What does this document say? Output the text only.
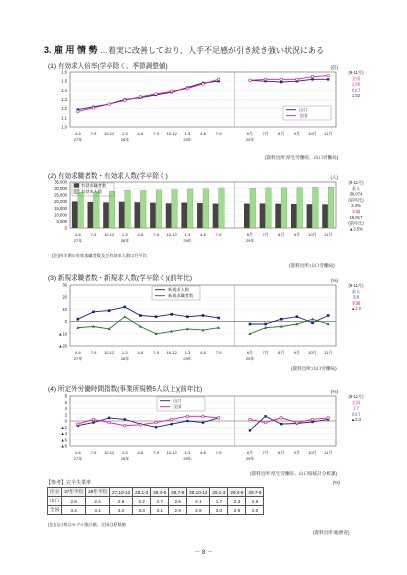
3. 雇 用 情 勢 …着実に改善しており、人手不足感が引き続き強い状況にある
(1) 有効求人倍率(学卒除く、季節調整値)	(倍)
1.6
1.5
1.4
1.3
1.2
1.1
1.0
4-6 7-9 10-12 1-3 4-6 7-9 10-12 1-3 4-6 7-9	6月 7月 8月 9月 10月 11月
27年	28年	29年	29年
山口
全国
(9-11月)
全国
1.56
山口
1.52
(人)
35,000
30,000
25,000
20,000
15,000
10,000
5,000
0
4-6 7-9 10-12 1-3 4-6 7-9 10-12 1-3 4-6 7-9	6月 7月 8月 9月 10月 11月
27年	28年	29年	29年
有効求職者数
有効求人数
(9-11月)
求人
30,074
(前年比)
3.3%
求職
16,917
(前年比)
▲3.5%
(%)
30
20
10
0
▲10
▲20
4-6 7-9 10-12 1-3 4-6 7-9 10-12 1-3 4-6 7-9	6月 7月 8月 9月 10月 11月
27年	28年	29年	29年
新規求人数
新規求職者数
(9-11月)
求人
3.8
求職
▲2.9
(%)
8
6
4
2
0
▲2
▲4
▲6
▲8
4-6 7-9 10-12 1-3 4-6 7-9 10-12 1-3 4-6 7-9	6月 7月 8月 9月 10月 11月
27年	28年	29年	29年
山口
全国
(9-11月)
全国
1.7
山口
▲2.3
(2) 有効求職者数・有効求人数(学卒除く)
(注)四半期の有効求職者数及び有効求人数は月平均
(3) 新規求職者数・新規求人数(学卒除く)(前年比)
(4) 所定外労働時間指数(事業所規模5人以上)(前年比)
(資料出所:厚生労働省、山口労働局)
(資料出所:山口労働局)
(資料出所:山口労働局)
(資料出所:厚生労働省、山口県統計分析課)
【参考】完全失業率	(%)
区分	27年平均	28年平均	27.10-12	28.1-3	28.4-6	28.7-9	28.10-12	29.1-3	29.4-6	29.7-9
山口	2.8	2.4	2.8	2.2	2.7	2.6	2.1	1.7	2.3	2.8
全国	3.4	3.1	3.2	3.3	3.1	2.9	2.9	3.0	2.9	2.6
(注)山口県はモデル推計値。全国は原数値
(資料出所:総務省)
－ 8 －
